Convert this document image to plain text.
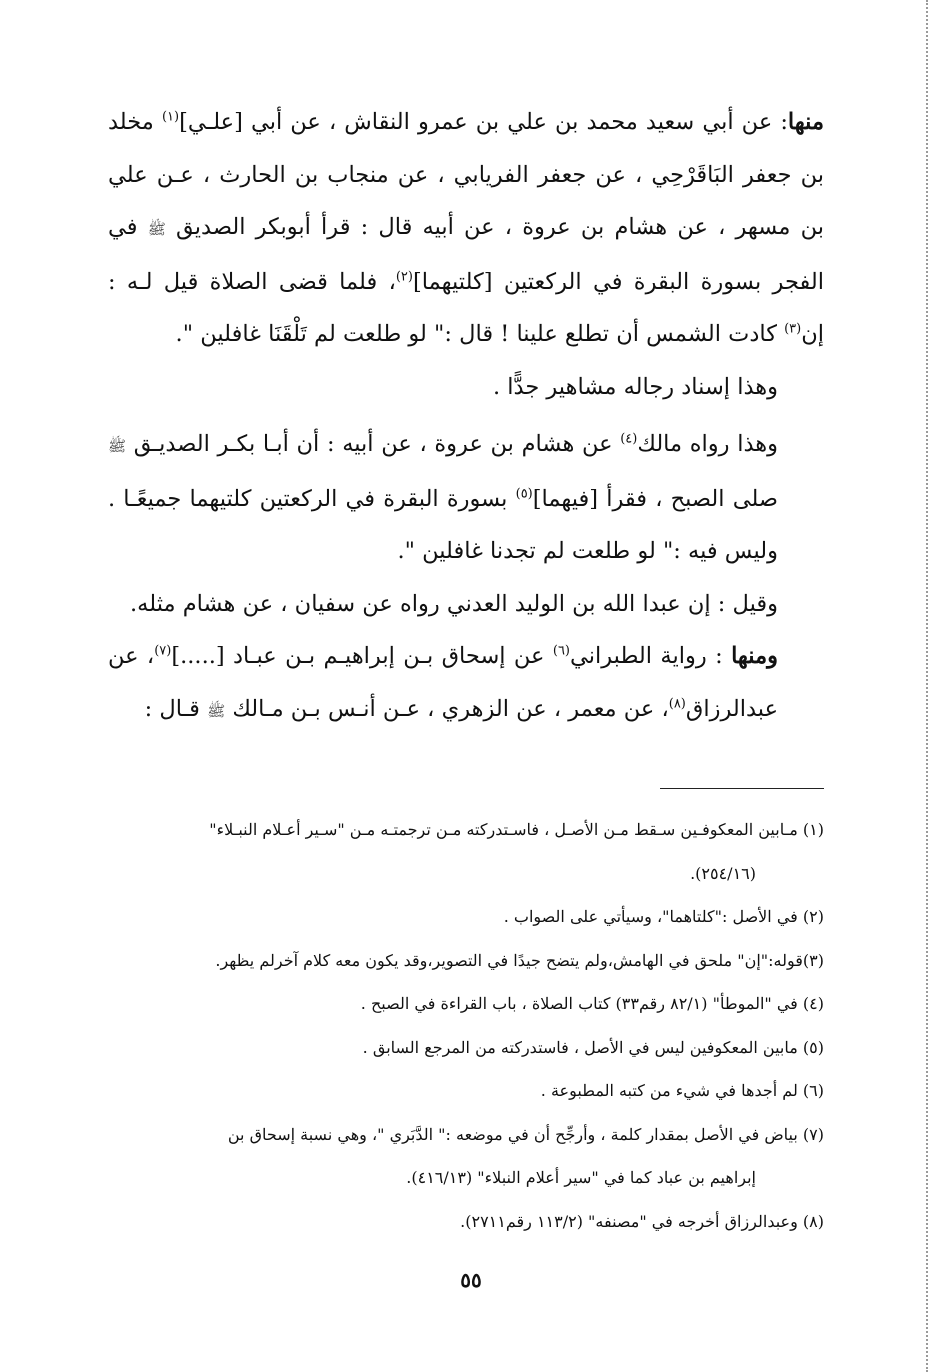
منها: عن أبي سعيد محمد بن علي بن عمرو النقاش ، عن أبي [علـي]$^{(١)}$ مخلد بن جعفر البَاقَرْحِي ، عن جعفر الفريابي ، عن منجاب بن الحارث ، عـن علي بن مسهر ، عن هشام بن عروة ، عن أبيه قال : قرأ أبوبكر الصديق ﷺ في الفجر بسورة البقرة في الركعتين [كلتيهما]$^{(٢)}$، فلما قضى الصلاة قيل لـه : إن$^{(٣)}$ كادت الشمس أن تطلع علينا ! قال :" لو طلعت لم تَلْقَنَا غافلين ".

وهذا إسناد رجاله مشاهير جدًّا .

وهذا رواه مالك$^{(٤)}$ عن هشام بن عروة ، عن أبيه : أن أبـا بكـر الصديـق ﷺ صلى الصبح ، فقرأ [فيهما]$^{(٥)}$ بسورة البقرة في الركعتين كلتيهما جميعًـا . وليس فيه :" لو طلعت لم تجدنا غافلين ".

وقيل : إن عبدا الله بن الوليد العدني رواه عن سفيان ، عن هشام مثله.

ومنها : رواية الطبراني$^{(٦)}$ عن إسحاق بـن إبراهيـم بـن عبـاد [.....]$^{(٧)}$، عن عبدالرزاق$^{(٨)}$، عن معمر ، عن الزهري ، عـن أنـس بـن مـالك ﷺ قـال :

(١) مـابين المعكوفـين سـقط مـن الأصـل ، فاسـتدركته مـن ترجمتـه مـن "سـير أعـلام النبـلاء"
(٢٥٤/١٦).

(٢) في الأصل :"كلتاهما"، وسيأتي على الصواب .

(٣)قوله:"إن" ملحق في الهامش،ولم يتضح جيدًا في التصوير،وقد يكون معه كلام آخرلم يظهر.

(٤) في "الموطأ" (٨٢/١ رقم٣٣) كتاب الصلاة ، باب القراءة في الصبح .

(٥) مابين المعكوفين ليس في الأصل ، فاستدركته من المرجع السابق .

(٦) لم أجدها في شيء من كتبه المطبوعة .

(٧) بياض في الأصل بمقدار كلمة ، وأرجِّح أن في موضعه :" الدَّبَري "، وهي نسبة إسحاق بن
إبراهيم بن عباد كما في "سير أعلام النبلاء" (٤١٦/١٣).

(٨) وعبدالرزاق أخرجه في "مصنفه" (١١٣/٢ رقم٢٧١١).

٥٥
